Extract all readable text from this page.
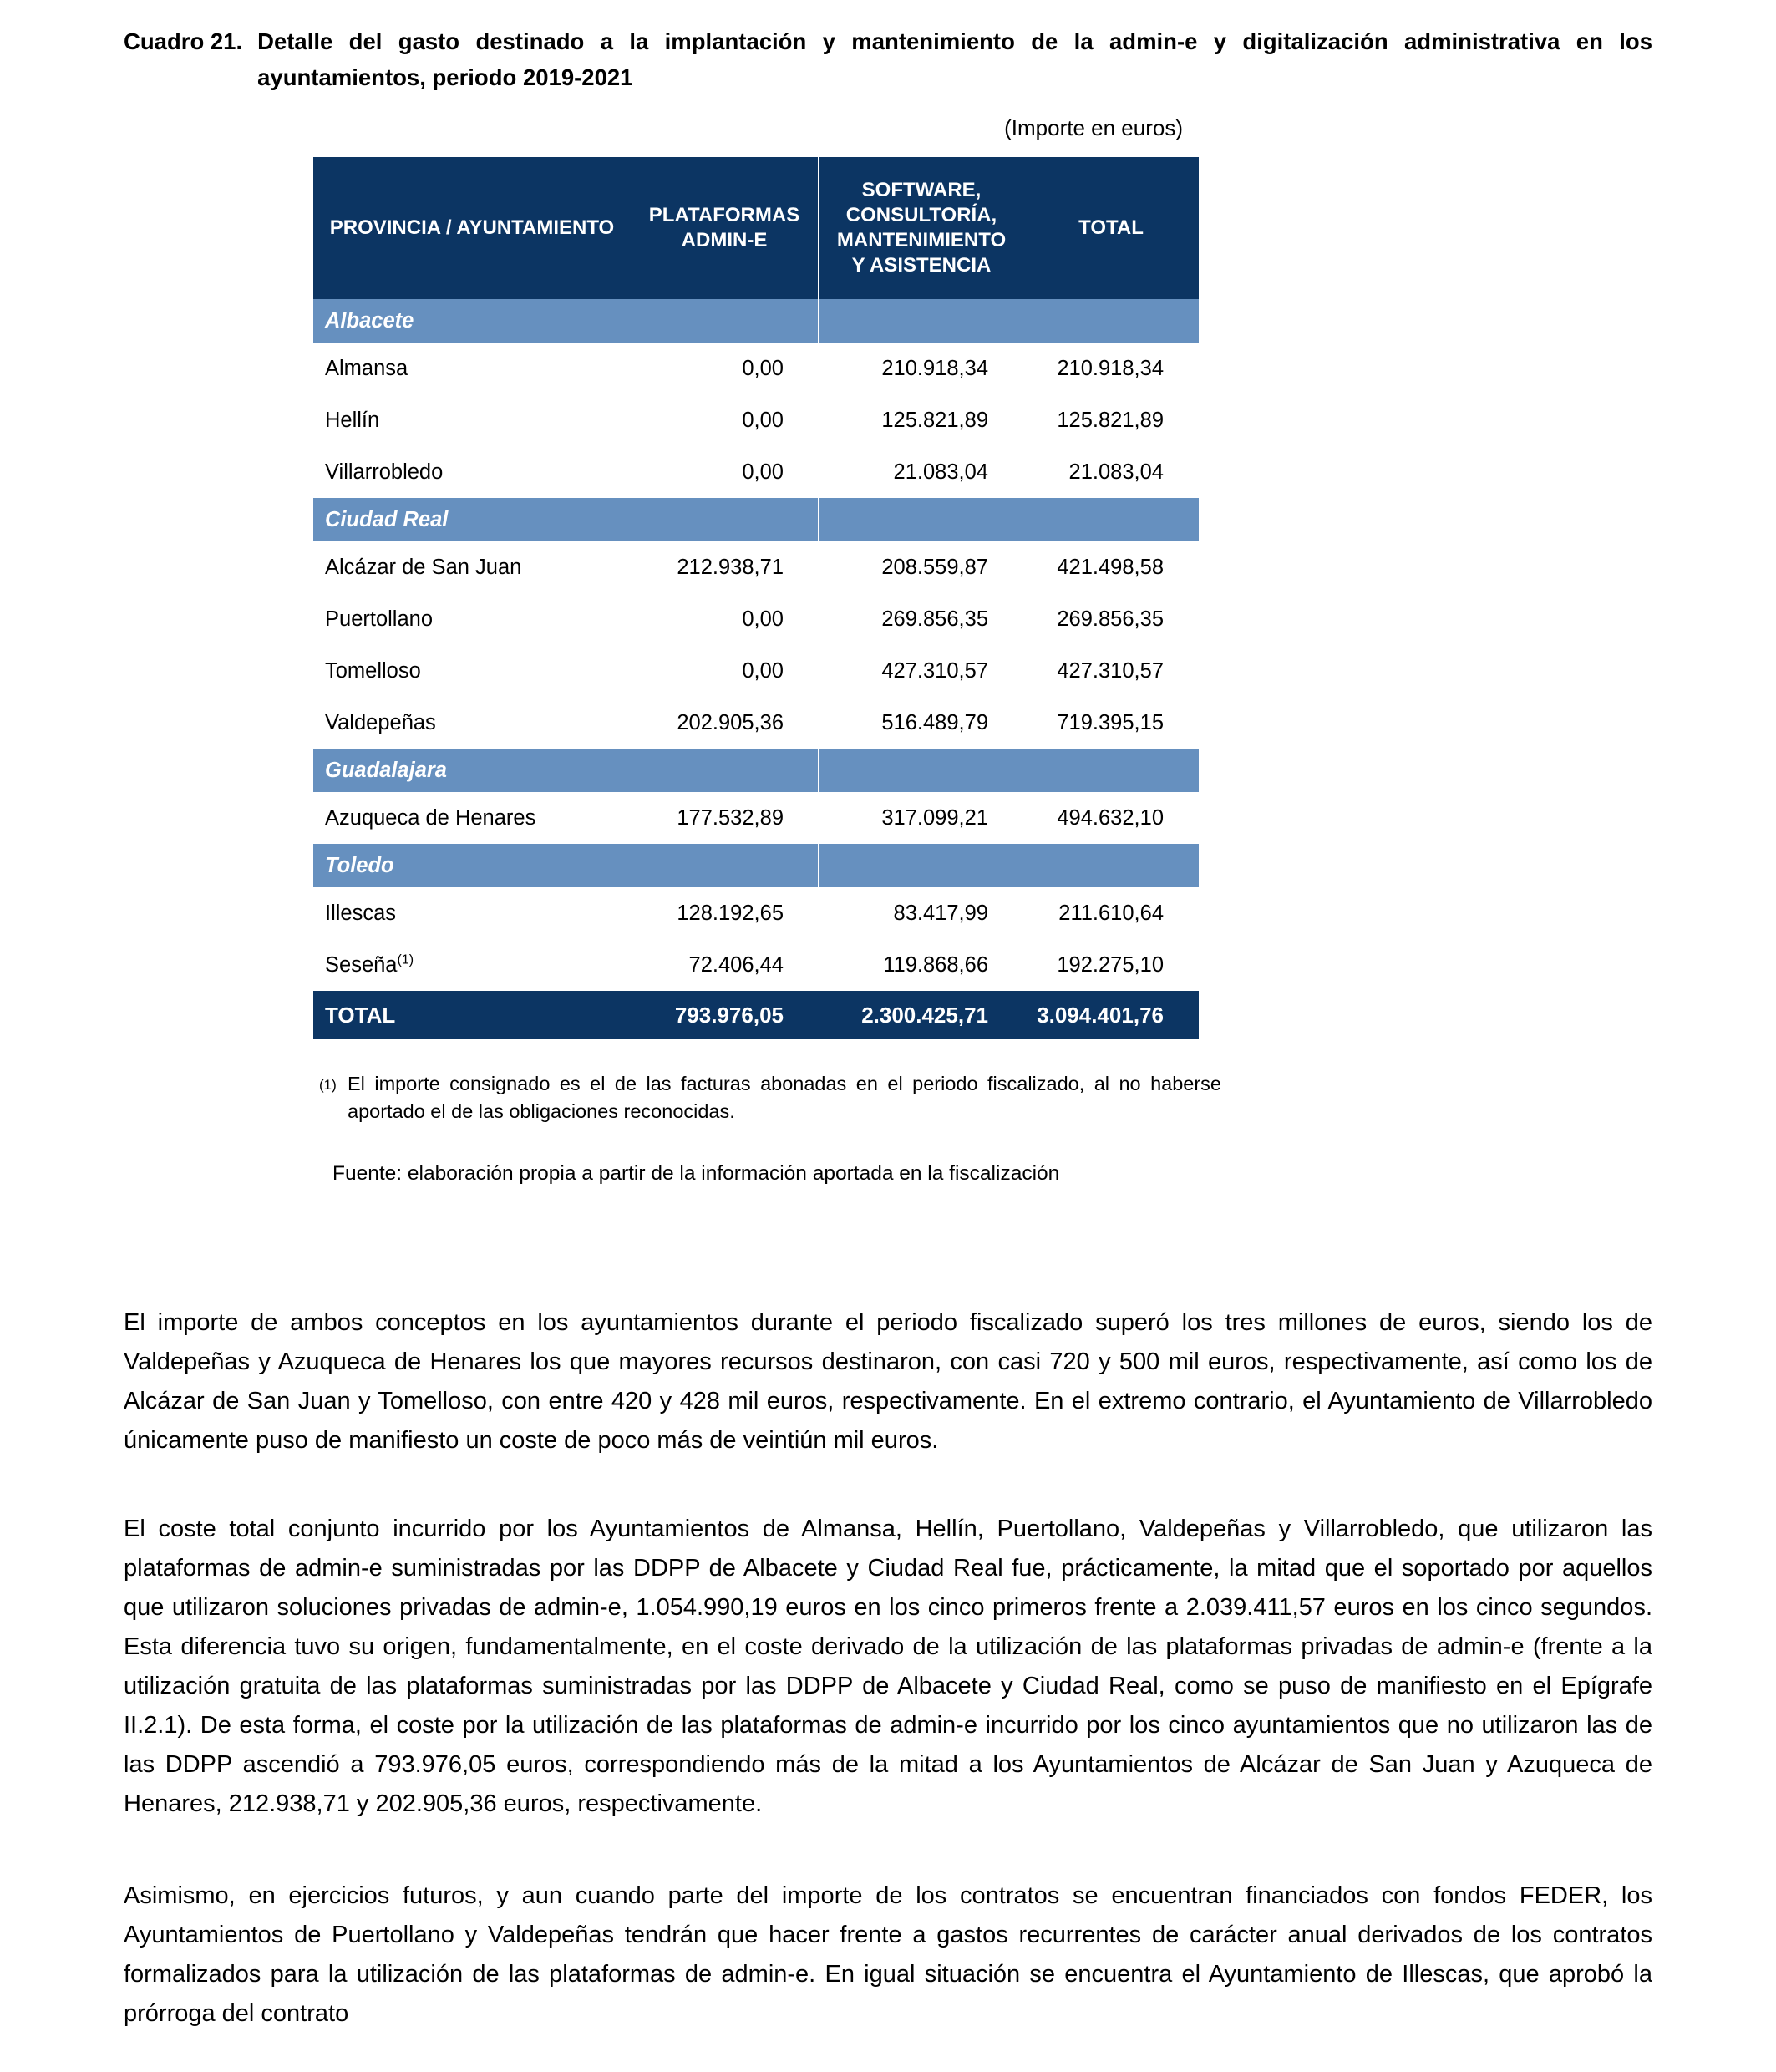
Cuadro 21. Detalle del gasto destinado a la implantación y mantenimiento de la admin-e y digitalización administrativa en los ayuntamientos, periodo 2019-2021
(Importe en euros)
PROVINCIA / AYUNTAMIENTO	PLATAFORMAS ADMIN-E	SOFTWARE, CONSULTORÍA, MANTENIMIENTO Y ASISTENCIA	TOTAL
Albacete			
Almansa	0,00	210.918,34	210.918,34
Hellín	0,00	125.821,89	125.821,89
Villarrobledo	0,00	21.083,04	21.083,04
Ciudad Real			
Alcázar de San Juan	212.938,71	208.559,87	421.498,58
Puertollano	0,00	269.856,35	269.856,35
Tomelloso	0,00	427.310,57	427.310,57
Valdepeñas	202.905,36	516.489,79	719.395,15
Guadalajara			
Azuqueca de Henares	177.532,89	317.099,21	494.632,10
Toledo			
Illescas	128.192,65	83.417,99	211.610,64
Seseña$^{(1)}$	72.406,44	119.868,66	192.275,10
TOTAL	793.976,05	2.300.425,71	3.094.401,76
(1) El importe consignado es el de las facturas abonadas en el periodo fiscalizado, al no haberse aportado el de las obligaciones reconocidas.
Fuente: elaboración propia a partir de la información aportada en la fiscalización

El importe de ambos conceptos en los ayuntamientos durante el periodo fiscalizado superó los tres millones de euros, siendo los de Valdepeñas y Azuqueca de Henares los que mayores recursos destinaron, con casi 720 y 500 mil euros, respectivamente, así como los de Alcázar de San Juan y Tomelloso, con entre 420 y 428 mil euros, respectivamente. En el extremo contrario, el Ayuntamiento de Villarrobledo únicamente puso de manifiesto un coste de poco más de veintiún mil euros.

El coste total conjunto incurrido por los Ayuntamientos de Almansa, Hellín, Puertollano, Valdepeñas y Villarrobledo, que utilizaron las plataformas de admin-e suministradas por las DDPP de Albacete y Ciudad Real fue, prácticamente, la mitad que el soportado por aquellos que utilizaron soluciones privadas de admin-e, 1.054.990,19 euros en los cinco primeros frente a 2.039.411,57 euros en los cinco segundos. Esta diferencia tuvo su origen, fundamentalmente, en el coste derivado de la utilización de las plataformas privadas de admin-e (frente a la utilización gratuita de las plataformas suministradas por las DDPP de Albacete y Ciudad Real, como se puso de manifiesto en el Epígrafe II.2.1). De esta forma, el coste por la utilización de las plataformas de admin-e incurrido por los cinco ayuntamientos que no utilizaron las de las DDPP ascendió a 793.976,05 euros, correspondiendo más de la mitad a los Ayuntamientos de Alcázar de San Juan y Azuqueca de Henares, 212.938,71 y 202.905,36 euros, respectivamente.

Asimismo, en ejercicios futuros, y aun cuando parte del importe de los contratos se encuentran financiados con fondos FEDER, los Ayuntamientos de Puertollano y Valdepeñas tendrán que hacer frente a gastos recurrentes de carácter anual derivados de los contratos formalizados para la utilización de las plataformas de admin-e. En igual situación se encuentra el Ayuntamiento de Illescas, que aprobó la prórroga del contrato
